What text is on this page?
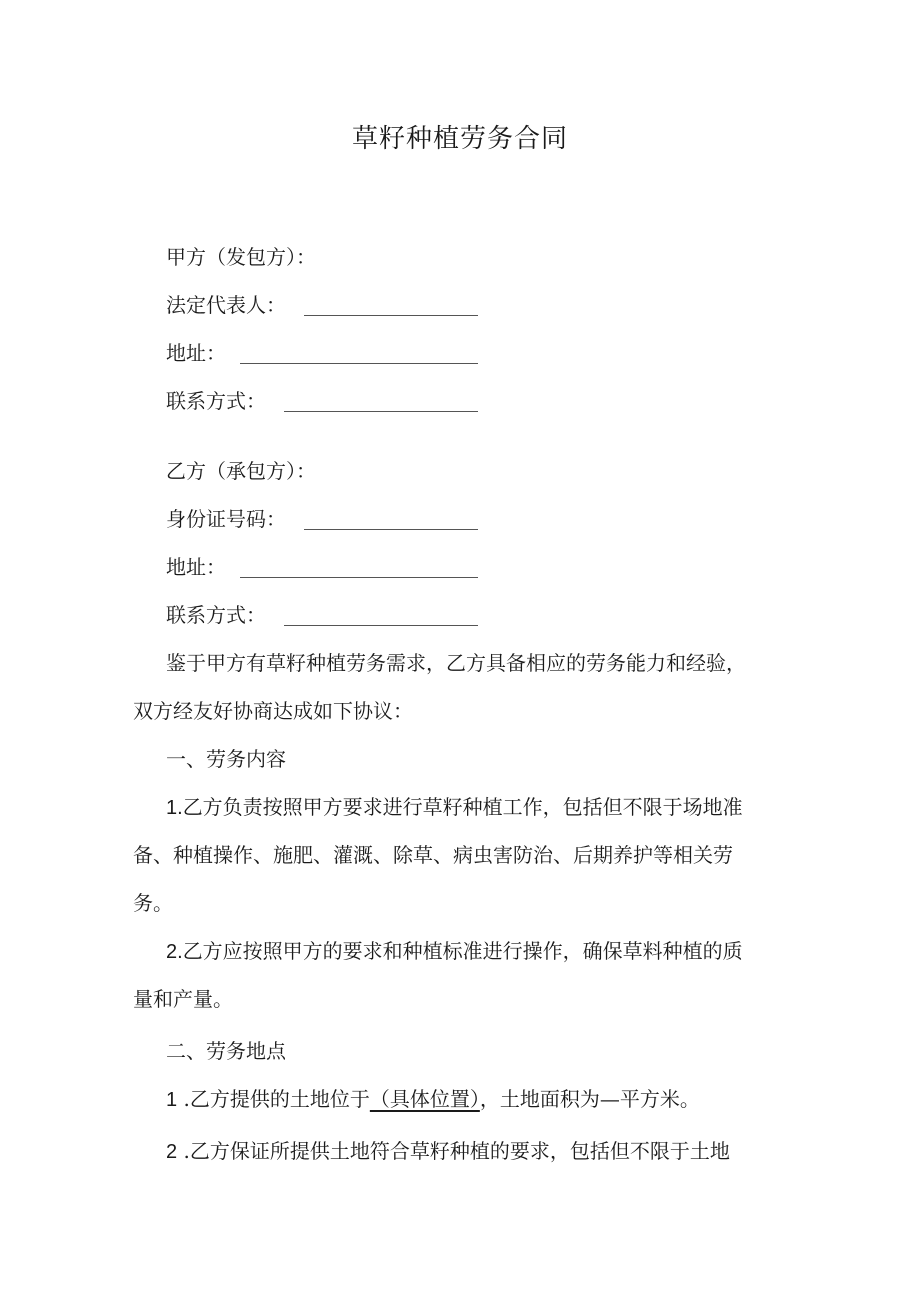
草籽种植劳务合同
甲方（发包方）：
法定代表人：
地址：
联系方式：
乙方（承包方）：
身份证号码：
地址：
联系方式：
鉴于甲方有草籽种植劳务需求，乙方具备相应的劳务能力和经验，
双方经友好协商达成如下协议：
一、劳务内容
1.乙方负责按照甲方要求进行草籽种植工作，包括但不限于场地准
备、种植操作、施肥、灌溉、除草、病虫害防治、后期养护等相关劳
务。
2.乙方应按照甲方的要求和种植标准进行操作，确保草料种植的质
量和产量。
二、劳务地点
1 .乙方提供的土地位于（具体位置），土地面积为—平方米。
2 .乙方保证所提供土地符合草籽种植的要求，包括但不限于土地
